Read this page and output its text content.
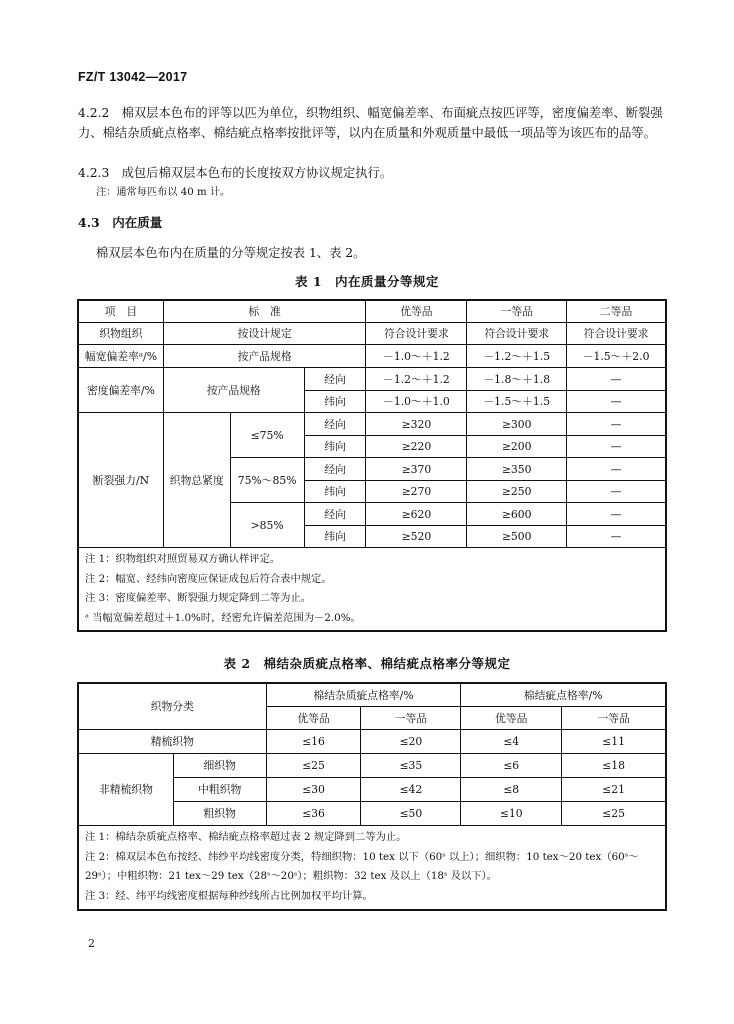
FZ/T 13042—2017
4.2.2　棉双层本色布的评等以匹为单位，织物组织、幅宽偏差率、布面疵点按匹评等，密度偏差率、断裂强力、棉结杂质疵点格率、棉结疵点格率按批评等，以内在质量和外观质量中最低一项品等为该匹布的品等。
4.2.3　成包后棉双层本色布的长度按双方协议规定执行。
注：通常每匹布以 40 m 计。
4.3　内在质量
棉双层本色布内在质量的分等规定按表 1、表 2。
表 1　内在质量分等规定
项　目	标　准			优等品	一等品	二等品
织物组织	按设计规定			符合设计要求	符合设计要求	符合设计要求
幅宽偏差率ᵃ/%	按产品规格			－1.0～＋1.2	－1.2～＋1.5	－1.5～＋2.0
密度偏差率/%	按产品规格		经向	－1.2～＋1.2	－1.8～＋1.8	—
			纬向	－1.0～＋1.0	－1.5～＋1.5	—
断裂强力/N	织物总紧度	≤75%	经向	≥320	≥300	—
			纬向	≥220	≥200	—
		75%～85%	经向	≥370	≥350	—
			纬向	≥270	≥250	—
		>85%	经向	≥620	≥600	—
			纬向	≥520	≥500	—

注 1：织物组织对照贸易双方确认样评定。
注 2：幅宽、经纬向密度应保证成包后符合表中规定。
注 3：密度偏差率、断裂强力规定降到二等为止。
ᵃ 当幅宽偏差超过＋1.0%时，经密允许偏差范围为－2.0%。						
表 2　棉结杂质疵点格率、棉结疵点格率分等规定
织物分类		棉结杂质疵点格率/%		棉结疵点格率/%	
		优等品	一等品	优等品	一等品
精梳织物		≤16	≤20	≤4	≤11
非精梳织物	细织物	≤25	≤35	≤6	≤18
	中粗织物	≤30	≤42	≤8	≤21
	粗织物	≤36	≤50	≤10	≤25

注 1：棉结杂质疵点格率、棉结疵点格率超过表 2 规定降到二等为止。
注 2：棉双层本色布按经、纬纱平均线密度分类，特细织物：10 tex 以下（60ˢ 以上）；细织物：10 tex～20 tex（60ˢ～29ˢ）；中粗织物：21 tex～29 tex（28ˢ～20ˢ）；粗织物：32 tex 及以上（18ˢ 及以下）。
注 3：经、纬平均线密度根据每种纱线所占比例加权平均计算。					
2
